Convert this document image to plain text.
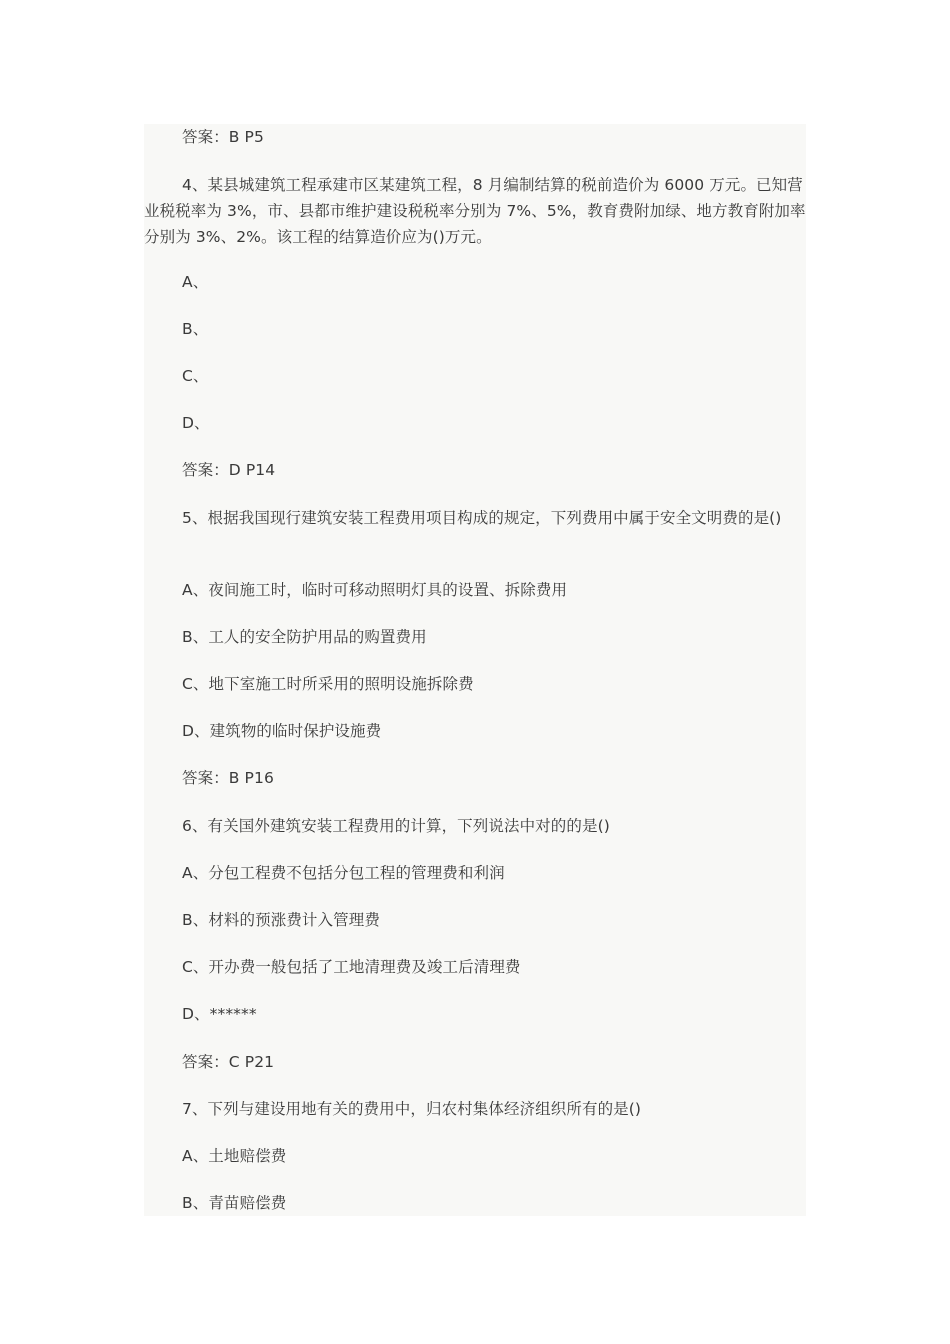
答案：B P5

4、某县城建筑工程承建市区某建筑工程，8 月编制结算的税前造价为 6000 万元。已知营业税税率为 3%，市、县都市维护建设税税率分别为 7%、5%，教育费附加绿、地方教育附加率分别为 3%、2%。该工程的结算造价应为()万元。

A、

B、

C、

D、

答案：D P14

5、根据我国现行建筑安装工程费用项目构成的规定，下列费用中属于安全文明费的是()

A、夜间施工时，临时可移动照明灯具的设置、拆除费用

B、工人的安全防护用品的购置费用

C、地下室施工时所采用的照明设施拆除费

D、建筑物的临时保护设施费

答案：B P16

6、有关国外建筑安装工程费用的计算，下列说法中对的的是()

A、分包工程费不包括分包工程的管理费和利润

B、材料的预涨费计入管理费

C、开办费一般包括了工地清理费及竣工后清理费

D、******

答案：C P21

7、下列与建设用地有关的费用中，归农村集体经济组织所有的是()

A、土地赔偿费

B、青苗赔偿费
